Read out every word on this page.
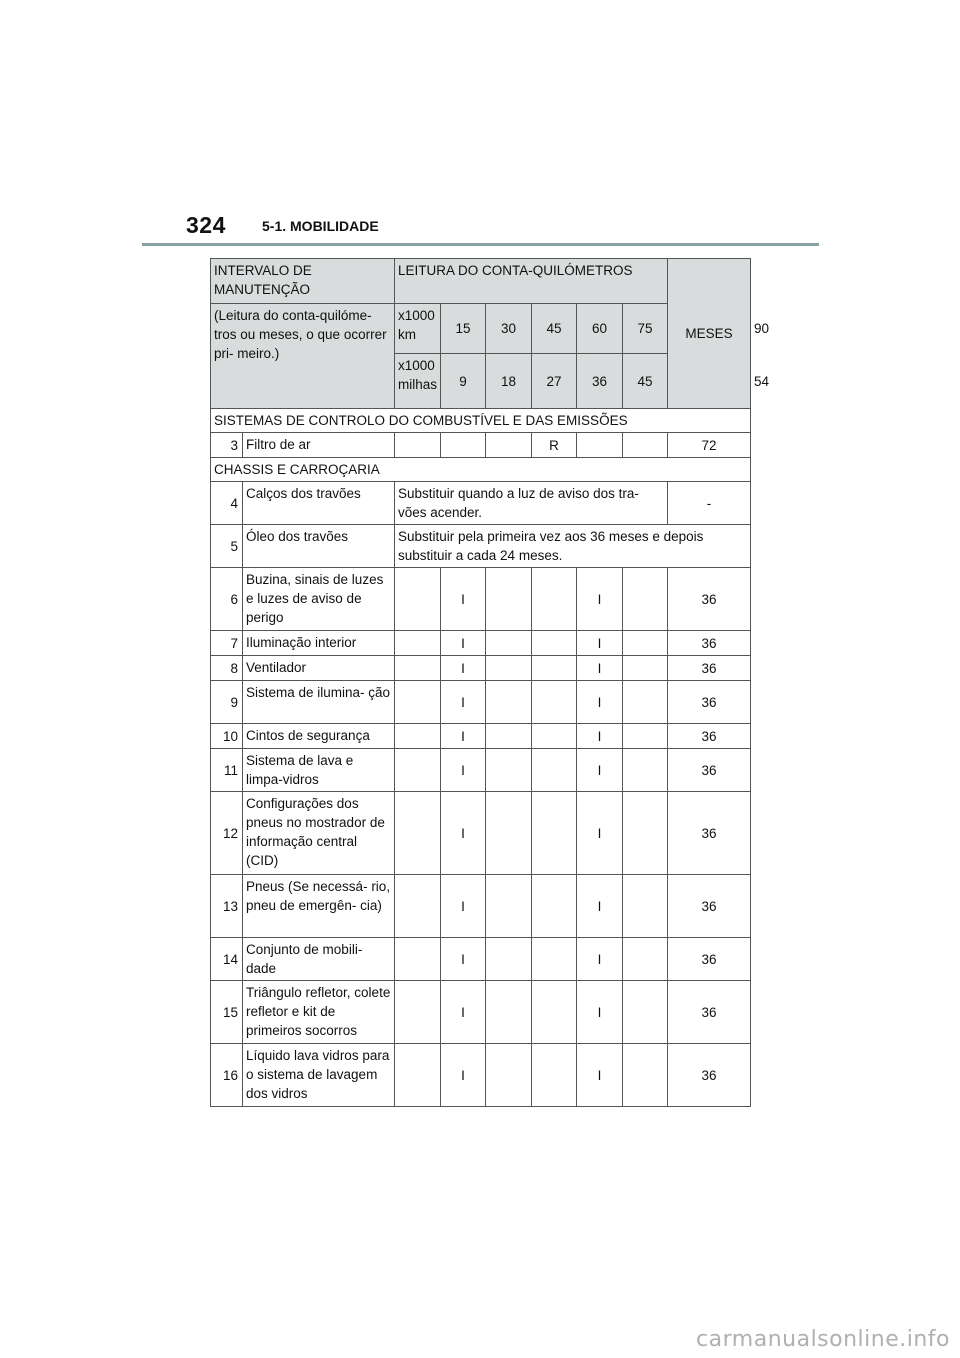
324	5-1. MOBILIDADE
INTERVALO DE MANUTENÇÃO		LEITURA DO CONTA-QUILÓMETROS						MESES	
(Leitura do conta-quilóme- tros ou meses, o que ocorrer pri- meiro.)		x1000 km	15	30	45	60	75		90
		x1000 milhas	9	18	27	36	45		54
SISTEMAS DE CONTROLO DO COMBUSTÍVEL E DAS EMISSÕES									
3	Filtro de ar				R			72	
CHASSIS E CARROÇARIA									
4	Calços dos travões	Substituir quando a luz de aviso dos tra- vões acender.						-	
5	Óleo dos travões	Substituir pela primeira vez aos 36 meses e depois substituir a cada 24 meses.							
6	Buzina, sinais de luzes e luzes de aviso de perigo		I			I		36	
7	Iluminação interior		I			I		36	
8	Ventilador		I			I		36	
9	Sistema de ilumina- ção		I			I		36	
10	Cintos de segurança		I			I		36	
11	Sistema de lava e limpa-vidros		I			I		36	
12	Configurações dos pneus no mostrador de informação central (CID)		I			I		36	
13	Pneus (Se necessá- rio, pneu de emergên- cia)		I			I		36	
14	Conjunto de mobili- dade		I			I		36	
15	Triângulo refletor, colete refletor e kit de primeiros socorros		I			I		36	
16	Líquido lava vidros para o sistema de lavagem dos vidros		I			I		36	
carmanualsonline.info
